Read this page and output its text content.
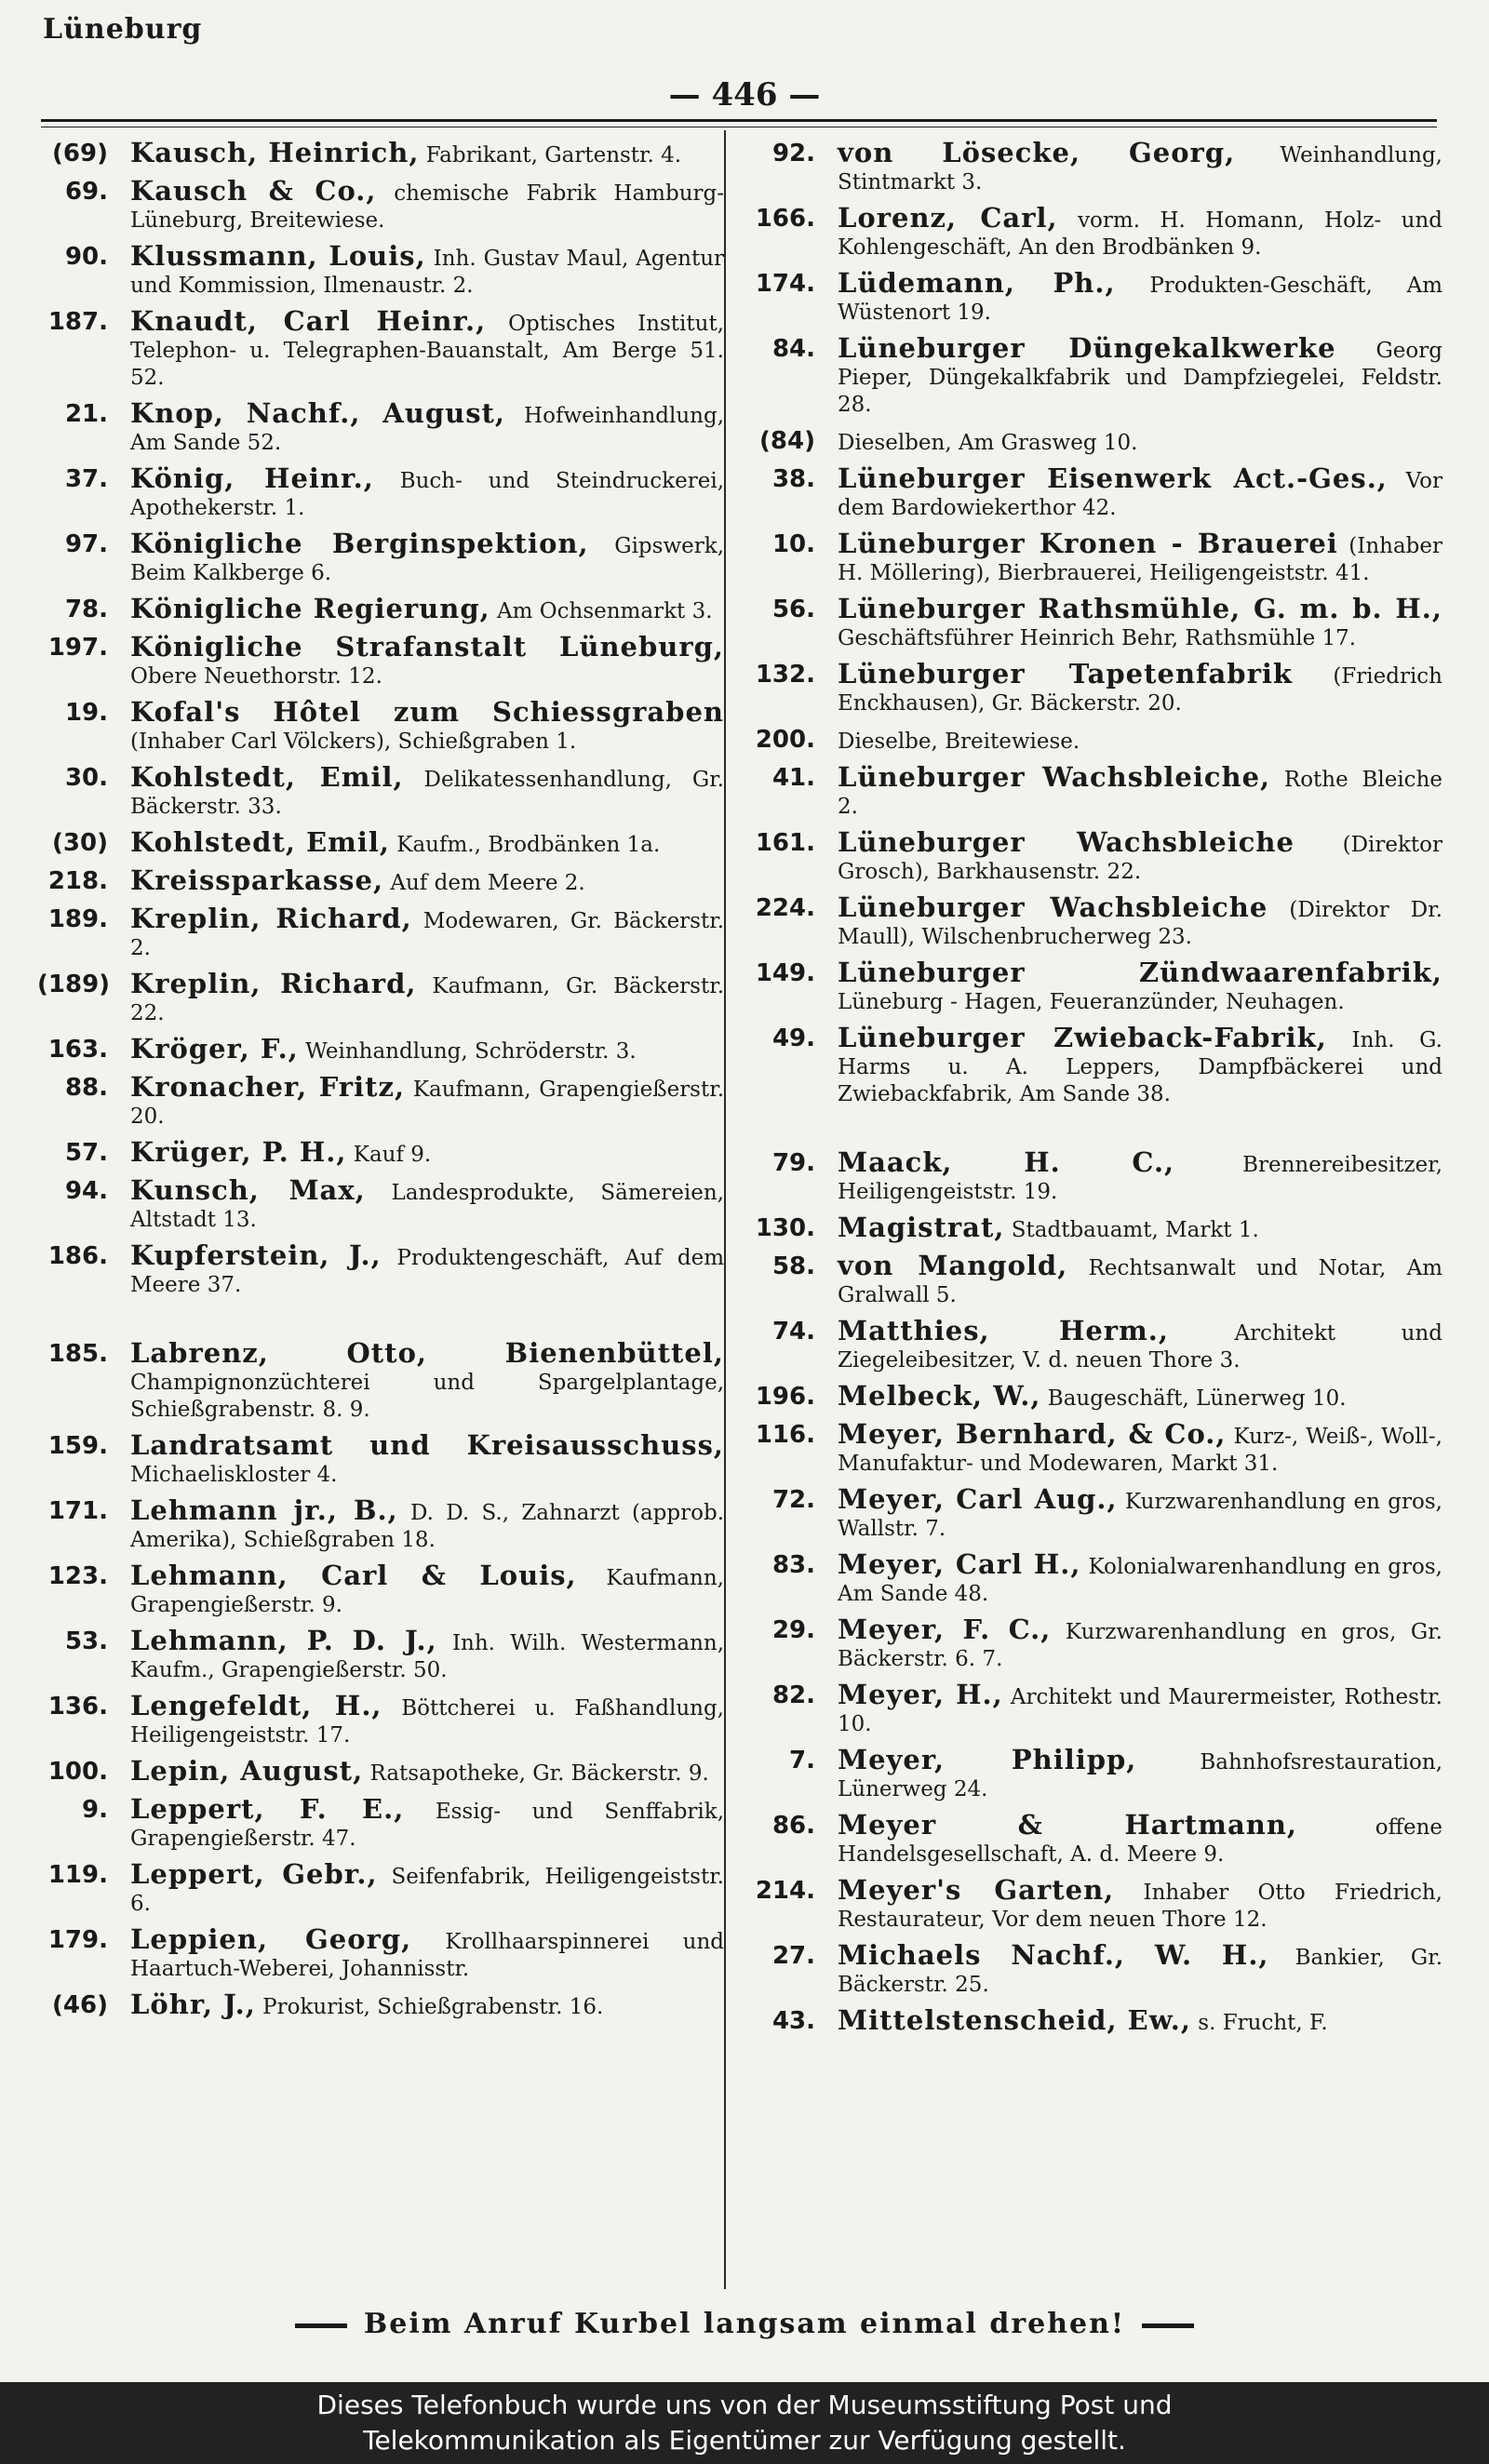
Lüneburg
— 446 —
(69) Kausch, Heinrich, Fabrikant, Gartenstr. 4.
69. Kausch & Co., chemische Fabrik Hamburg-Lüneburg, Breitewiese.
90. Klussmann, Louis, Inh. Gustav Maul, Agentur und Kommission, Ilmenaustr. 2.
187. Knaudt, Carl Heinr., Optisches Institut, Telephon- u. Telegraphen-Bauanstalt, Am Berge 51. 52.
21. Knop, Nachf., August, Hofweinhandlung, Am Sande 52.
37. König, Heinr., Buch- und Steindruckerei, Apothekerstr. 1.
97. Königliche Berginspektion, Gipswerk, Beim Kalkberge 6.
78. Königliche Regierung, Am Ochsenmarkt 3.
197. Königliche Strafanstalt Lüneburg, Obere Neuethorstr. 12.
19. Kofal's Hôtel zum Schiessgraben (Inhaber Carl Völckers), Schießgraben 1.
30. Kohlstedt, Emil, Delikatessenhandlung, Gr. Bäckerstr. 33.
(30) Kohlstedt, Emil, Kaufm., Brodbänken 1a.
218. Kreissparkasse, Auf dem Meere 2.
189. Kreplin, Richard, Modewaren, Gr. Bäckerstr. 2.
(189) Kreplin, Richard, Kaufmann, Gr. Bäckerstr. 22.
163. Kröger, F., Weinhandlung, Schröderstr. 3.
88. Kronacher, Fritz, Kaufmann, Grapengießerstr. 20.
57. Krüger, P. H., Kauf 9.
94. Kunsch, Max, Landesprodukte, Sämereien, Altstadt 13.
186. Kupferstein, J., Produktengeschäft, Auf dem Meere 37.
185. Labrenz, Otto, Bienenbüttel, Champignonzüchterei und Spargelplantage, Schießgrabenstr. 8. 9.
159. Landratsamt und Kreisausschuss, Michaeliskloster 4.
171. Lehmann jr., B., D. D. S., Zahnarzt (approb. Amerika), Schießgraben 18.
123. Lehmann, Carl & Louis, Kaufmann, Grapengießerstr. 9.
53. Lehmann, P. D. J., Inh. Wilh. Westermann, Kaufm., Grapengießerstr. 50.
136. Lengefeldt, H., Böttcherei u. Faßhandlung, Heiligengeiststr. 17.
100. Lepin, August, Ratsapotheke, Gr. Bäckerstr. 9.
9. Leppert, F. E., Essig- und Senffabrik, Grapengießerstr. 47.
119. Leppert, Gebr., Seifenfabrik, Heiligengeiststr. 6.
179. Leppien, Georg, Krollhaarspinnerei und Haartuch-Weberei, Johannisstr.
(46) Löhr, J., Prokurist, Schießgrabenstr. 16.
92. von Lösecke, Georg, Weinhandlung, Stintmarkt 3.
166. Lorenz, Carl, vorm. H. Homann, Holz- und Kohlengeschäft, An den Brodbänken 9.
174. Lüdemann, Ph., Produkten-Geschäft, Am Wüstenort 19.
84. Lüneburger Düngekalkwerke Georg Pieper, Düngekalkfabrik und Dampfziegelei, Feldstr. 28.
(84) Dieselben, Am Grasweg 10.
38. Lüneburger Eisenwerk Act.-Ges., Vor dem Bardowiekerthor 42.
10. Lüneburger Kronen - Brauerei (Inhaber H. Möllering), Bierbrauerei, Heiligengeiststr. 41.
56. Lüneburger Rathsmühle, G. m. b. H., Geschäftsführer Heinrich Behr, Rathsmühle 17.
132. Lüneburger Tapetenfabrik (Friedrich Enckhausen), Gr. Bäckerstr. 20.
200. Dieselbe, Breitewiese.
41. Lüneburger Wachsbleiche, Rothe Bleiche 2.
161. Lüneburger Wachsbleiche (Direktor Grosch), Barkhausenstr. 22.
224. Lüneburger Wachsbleiche (Direktor Dr. Maull), Wilschenbrucherweg 23.
149. Lüneburger Zündwaarenfabrik, Lüneburg - Hagen, Feueranzünder, Neuhagen.
49. Lüneburger Zwieback-Fabrik, Inh. G. Harms u. A. Leppers, Dampfbäckerei und Zwiebackfabrik, Am Sande 38.
79. Maack, H. C.,	Brennereibesitzer, Heiligengeiststr. 19.
130. Magistrat, Stadtbauamt, Markt 1.
58. von Mangold, Rechtsanwalt und Notar, Am Gralwall 5.
74. Matthies, Herm.,	Architekt und Ziegeleibesitzer, V. d. neuen Thore 3.
196. Melbeck, W., Baugeschäft, Lünerweg 10.
116. Meyer, Bernhard, & Co., Kurz-, Weiß-, Woll-, Manufaktur- und Modewaren, Markt 31.
72. Meyer, Carl Aug., Kurzwarenhandlung en gros, Wallstr. 7.
83. Meyer, Carl H., Kolonialwarenhandlung en gros, Am Sande 48.
29. Meyer, F. C., Kurzwarenhandlung en gros, Gr. Bäckerstr. 6. 7.
82. Meyer, H., Architekt und Maurermeister, Rothestr. 10.
7. Meyer, Philipp,	Bahnhofsrestauration, Lünerweg 24.
86. Meyer & Hartmann,	offene Handelsgesellschaft, A. d. Meere 9.
214. Meyer's Garten, Inhaber Otto Friedrich, Restaurateur, Vor dem neuen Thore 12.
27. Michaels Nachf., W. H., Bankier, Gr. Bäckerstr. 25.
43. Mittelstenscheid, Ew., s. Frucht, F.
Beim Anruf Kurbel langsam einmal drehen!
Dieses Telefonbuch wurde uns von der Museumsstiftung Post und
Telekommunikation als Eigentümer zur Verfügung gestellt.
